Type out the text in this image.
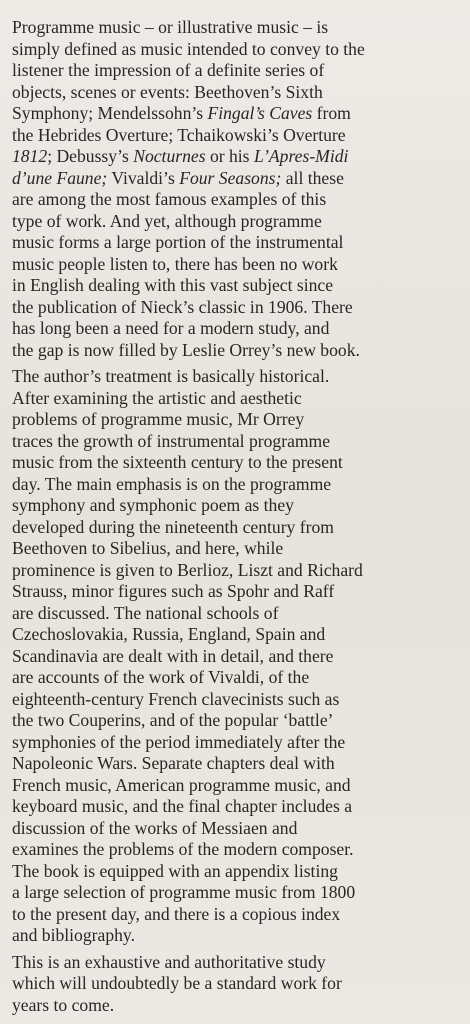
Programme music – or illustrative music – is
simply defined as music intended to convey to the
listener the impression of a definite series of
objects, scenes or events: Beethoven’s Sixth
Symphony; Mendelssohn’s Fingal’s Caves from
the Hebrides Overture; Tchaikowski’s Overture
1812; Debussy’s Nocturnes or his L’Apres-Midi
d’une Faune; Vivaldi’s Four Seasons; all these
are among the most famous examples of this
type of work. And yet, although programme
music forms a large portion of the instrumental
music people listen to, there has been no work
in English dealing with this vast subject since
the publication of Nieck’s classic in 1906. There
has long been a need for a modern study, and
the gap is now filled by Leslie Orrey’s new book.

The author’s treatment is basically historical.
After examining the artistic and aesthetic
problems of programme music, Mr Orrey
traces the growth of instrumental programme
music from the sixteenth century to the present
day. The main emphasis is on the programme
symphony and symphonic poem as they
developed during the nineteenth century from
Beethoven to Sibelius, and here, while
prominence is given to Berlioz, Liszt and Richard
Strauss, minor figures such as Spohr and Raff
are discussed. The national schools of
Czechoslovakia, Russia, England, Spain and
Scandinavia are dealt with in detail, and there
are accounts of the work of Vivaldi, of the
eighteenth-century French clavecinists such as
the two Couperins, and of the popular ‘battle’
symphonies of the period immediately after the
Napoleonic Wars. Separate chapters deal with
French music, American programme music, and
keyboard music, and the final chapter includes a
discussion of the works of Messiaen and
examines the problems of the modern composer.
The book is equipped with an appendix listing
a large selection of programme music from 1800
to the present day, and there is a copious index
and bibliography.

This is an exhaustive and authoritative study
which will undoubtedly be a standard work for
years to come.
